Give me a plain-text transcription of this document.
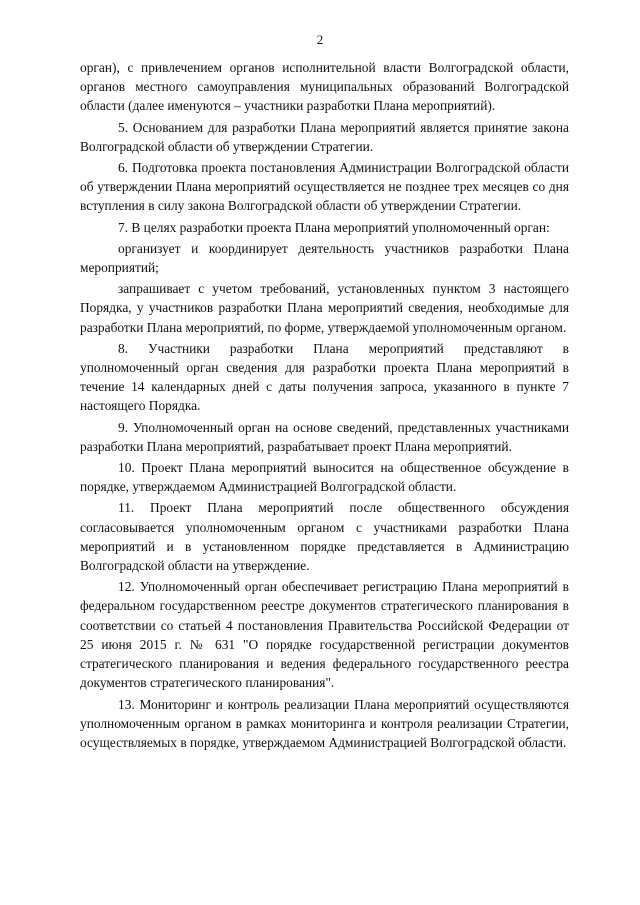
2

орган), с привлечением органов исполнительной власти Волгоградской области, органов местного самоуправления муниципальных образований Волгоградской области (далее именуются – участники разработки Плана мероприятий).

5. Основанием для разработки Плана мероприятий является принятие закона Волгоградской области об утверждении Стратегии.

6. Подготовка проекта постановления Администрации Волгоградской области об утверждении Плана мероприятий осуществляется не позднее трех месяцев со дня вступления в силу закона Волгоградской области об утверждении Стратегии.

7. В целях разработки проекта Плана мероприятий уполномоченный орган:

организует и координирует деятельность участников разработки Плана мероприятий;

запрашивает с учетом требований, установленных пунктом 3 настоящего Порядка, у участников разработки Плана мероприятий сведения, необходимые для разработки Плана мероприятий, по форме, утверждаемой уполномоченным органом.

8. Участники разработки Плана мероприятий представляют в уполномоченный орган сведения для разработки проекта Плана мероприятий в течение 14 календарных дней с даты получения запроса, указанного в пункте 7 настоящего Порядка.

9. Уполномоченный орган на основе сведений, представленных участниками разработки Плана мероприятий, разрабатывает проект Плана мероприятий.

10. Проект Плана мероприятий выносится на общественное обсуждение в порядке, утверждаемом Администрацией Волгоградской области.

11. Проект Плана мероприятий после общественного обсуждения согласовывается уполномоченным органом с участниками разработки Плана мероприятий и в установленном порядке представляется в Администрацию Волгоградской области на утверждение.

12. Уполномоченный орган обеспечивает регистрацию Плана мероприятий в федеральном государственном реестре документов стратегического планирования в соответствии со статьей 4 постановления Правительства Российской Федерации от 25 июня 2015 г. № 631 "О порядке государственной регистрации документов стратегического планирования и ведения федерального государственного реестра документов стратегического планирования".

13. Мониторинг и контроль реализации Плана мероприятий осуществляются уполномоченным органом в рамках мониторинга и контроля реализации Стратегии, осуществляемых в порядке, утверждаемом Администрацией Волгоградской области.
